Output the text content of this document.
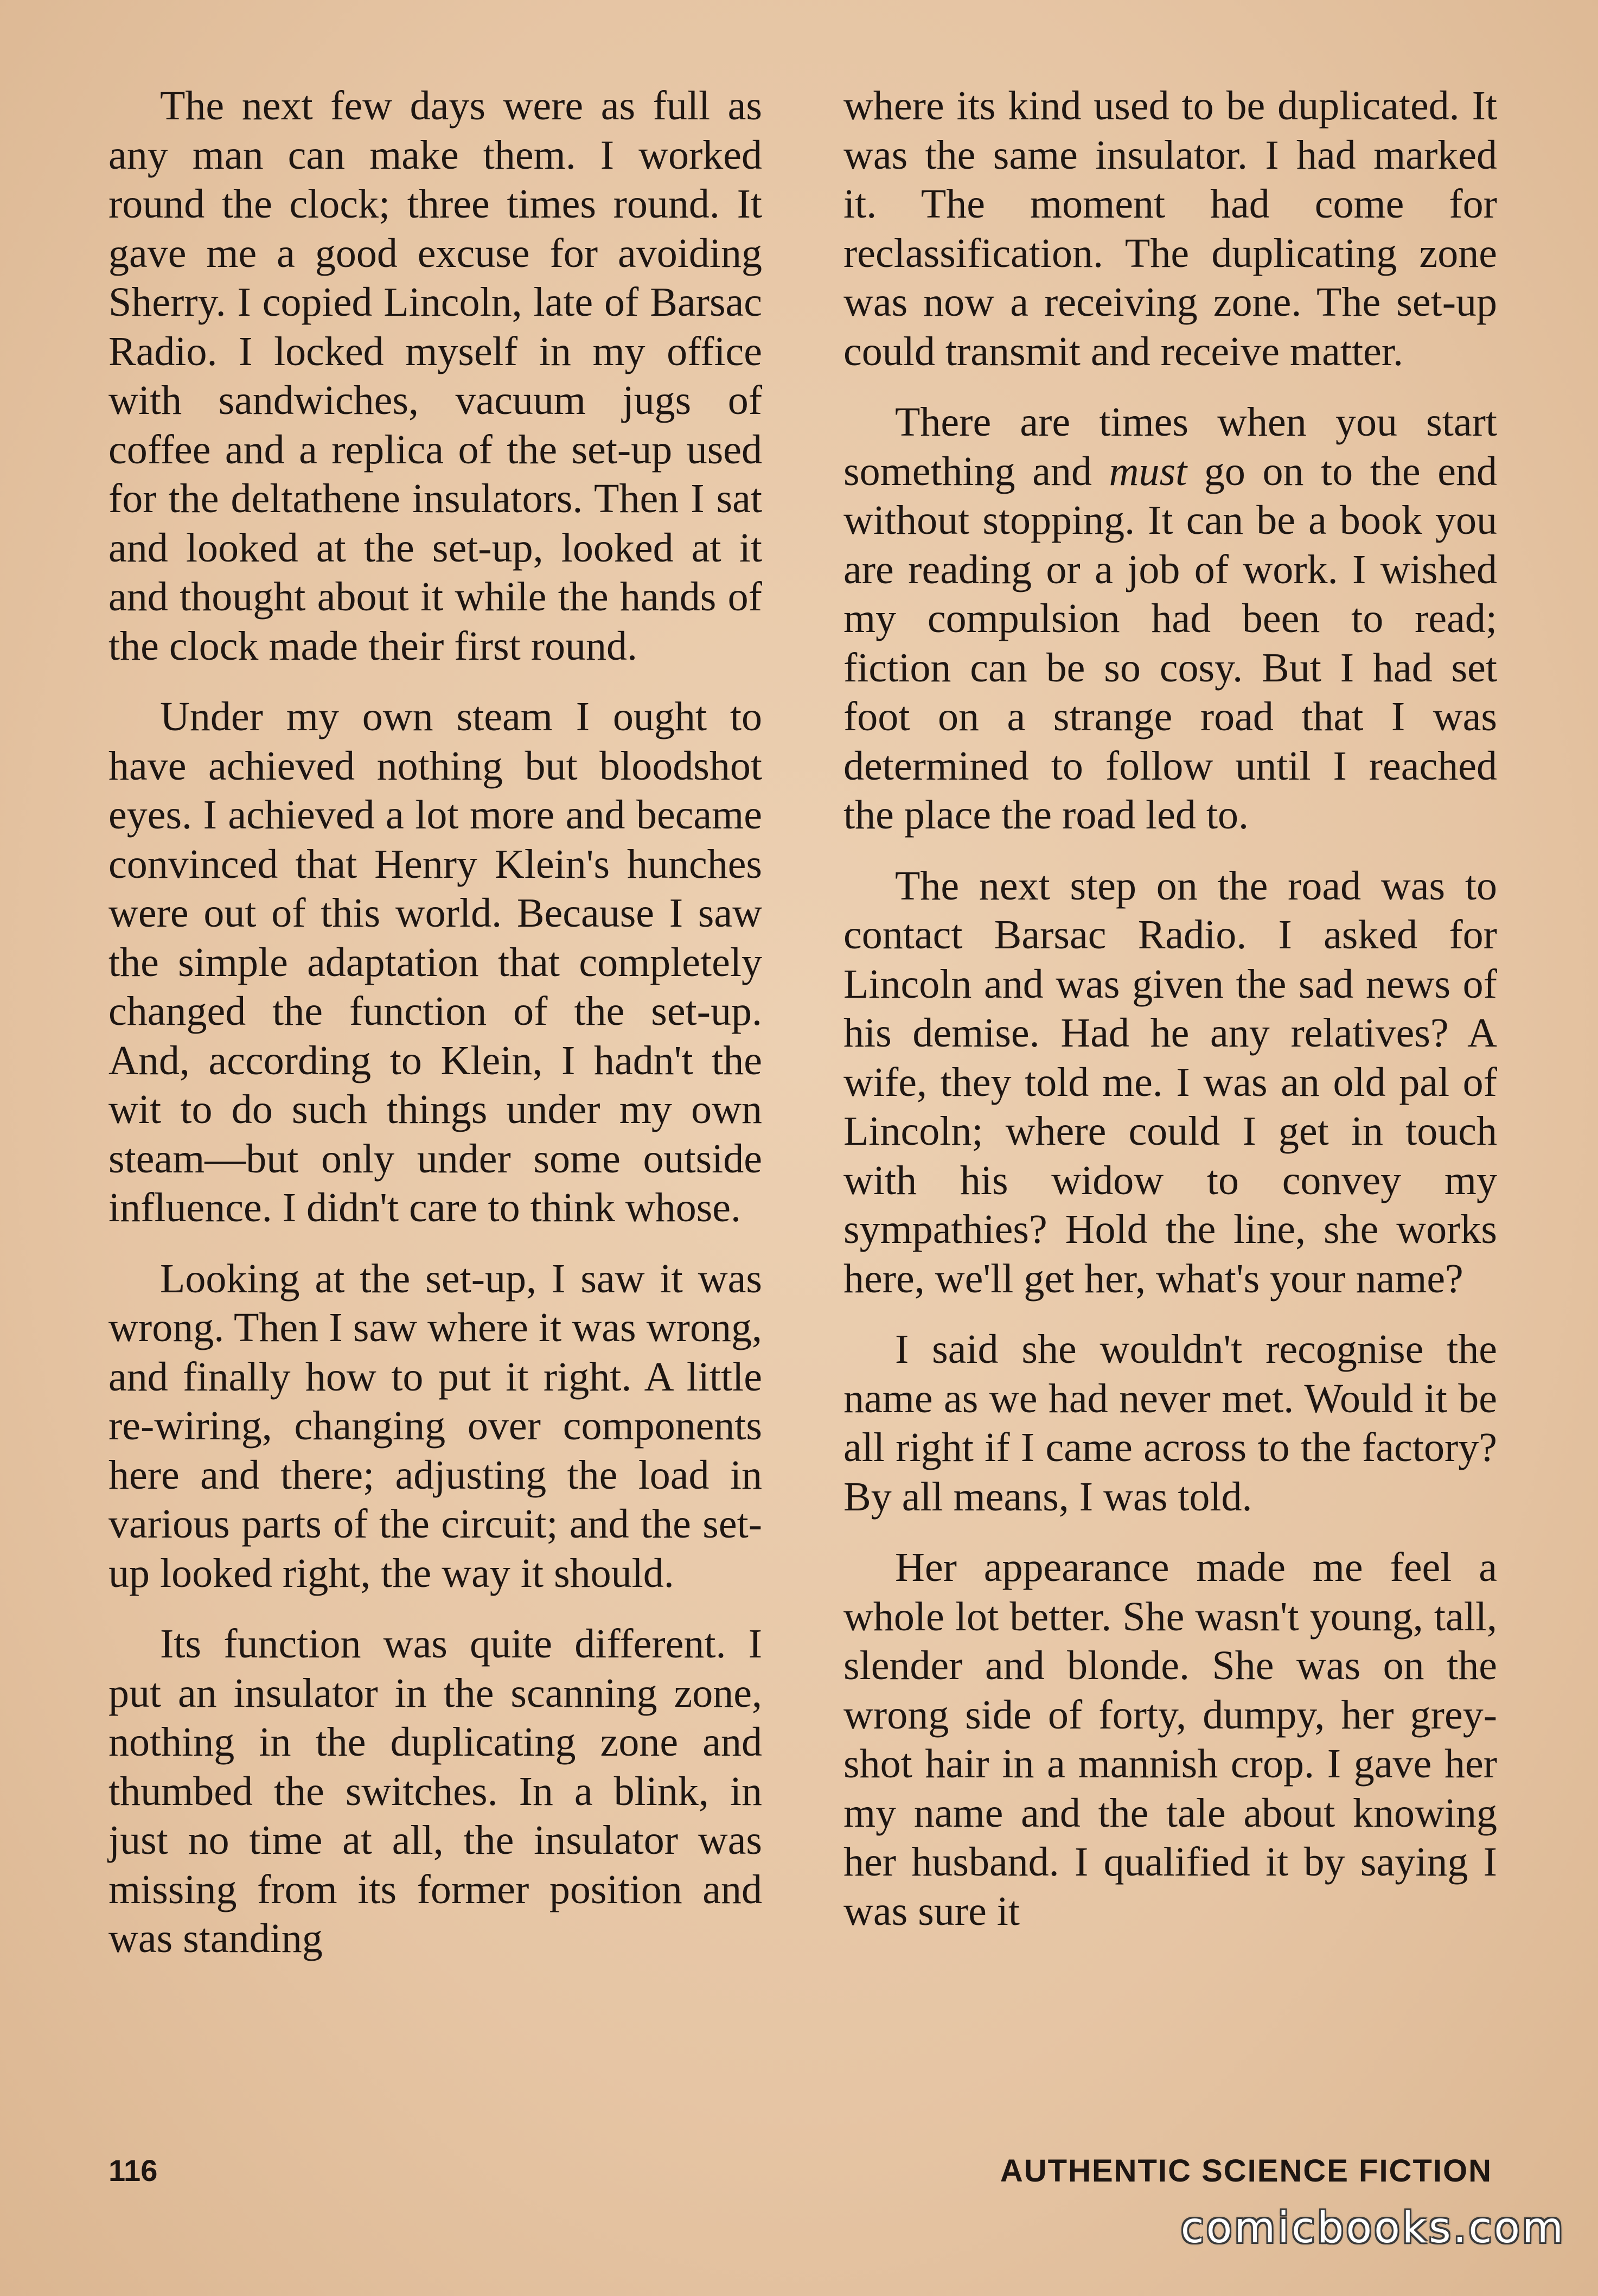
The next few days were as full as any man can make them. I worked round the clock; three times round. It gave me a good excuse for avoiding Sherry. I copied Lincoln, late of Barsac Radio. I locked myself in my office with sandwiches, vacuum jugs of coffee and a replica of the set-up used for the deltathene insulators. Then I sat and looked at the set-up, looked at it and thought about it while the hands of the clock made their first round.

Under my own steam I ought to have achieved nothing but bloodshot eyes. I achieved a lot more and became convinced that Henry Klein's hunches were out of this world. Because I saw the simple adaptation that completely changed the function of the set-up. And, according to Klein, I hadn't the wit to do such things under my own steam—but only under some outside influence. I didn't care to think whose.

Looking at the set-up, I saw it was wrong. Then I saw where it was wrong, and finally how to put it right. A little re-wiring, changing over components here and there; adjusting the load in various parts of the circuit; and the set-up looked right, the way it should.

Its function was quite different. I put an insulator in the scanning zone, nothing in the duplicating zone and thumbed the switches. In a blink, in just no time at all, the insulator was missing from its former position and was standing

where its kind used to be duplicated. It was the same insulator. I had marked it. The moment had come for reclassification. The duplicating zone was now a receiving zone. The set-up could transmit and receive matter.

There are times when you start something and must go on to the end without stopping. It can be a book you are reading or a job of work. I wished my compulsion had been to read; fiction can be so cosy. But I had set foot on a strange road that I was determined to follow until I reached the place the road led to.

The next step on the road was to contact Barsac Radio. I asked for Lincoln and was given the sad news of his demise. Had he any relatives? A wife, they told me. I was an old pal of Lincoln; where could I get in touch with his widow to convey my sympathies? Hold the line, she works here, we'll get her, what's your name?

I said she wouldn't recognise the name as we had never met. Would it be all right if I came across to the factory? By all means, I was told.

Her appearance made me feel a whole lot better. She wasn't young, tall, slender and blonde. She was on the wrong side of forty, dumpy, her grey-shot hair in a mannish crop. I gave her my name and the tale about knowing her husband. I qualified it by saying I was sure it

116	AUTHENTIC SCIENCE FICTION
comicbooks.com
